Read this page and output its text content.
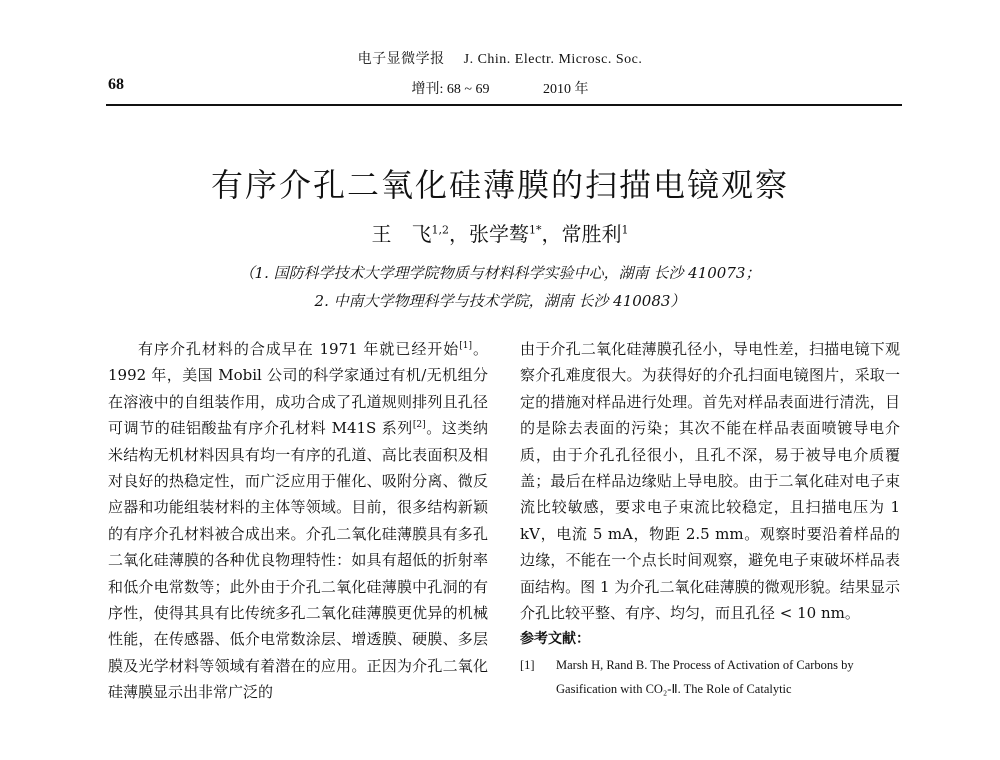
电子显微学报 J. Chin. Electr. Microsc. Soc.
68	增刊: 68 ~ 69	2010 年
有序介孔二氧化硅薄膜的扫描电镜观察
王　飞$^{1,2}$，张学骜$^{1*}$，常胜利$^1$
（1. 国防科学技术大学理学院物质与材料科学实验中心，湖南 长沙 410073；
2. 中南大学物理科学与技术学院，湖南 长沙 410083）

有序介孔材料的合成早在 1971 年就已经开始[1]。1992 年，美国 Mobil 公司的科学家通过有机/无机组分在溶液中的自组装作用，成功合成了孔道规则排列且孔径可调节的硅铝酸盐有序介孔材料 M41S 系列[2]。这类纳米结构无机材料因具有均一有序的孔道、高比表面积及相对良好的热稳定性，而广泛应用于催化、吸附分离、微反应器和功能组装材料的主体等领域。目前，很多结构新颖的有序介孔材料被合成出来。介孔二氧化硅薄膜具有多孔二氧化硅薄膜的各种优良物理特性：如具有超低的折射率和低介电常数等；此外由于介孔二氧化硅薄膜中孔洞的有序性，使得其具有比传统多孔二氧化硅薄膜更优异的机械性能，在传感器、低介电常数涂层、增透膜、硬膜、多层膜及光学材料等领域有着潜在的应用。正因为介孔二氧化硅薄膜显示出非常广泛的

由于介孔二氧化硅薄膜孔径小，导电性差，扫描电镜下观察介孔难度很大。为获得好的介孔扫面电镜图片，采取一定的措施对样品进行处理。首先对样品表面进行清洗，目的是除去表面的污染；其次不能在样品表面喷镀导电介质，由于介孔孔径很小，且孔不深，易于被导电介质覆盖；最后在样品边缘贴上导电胶。由于二氧化硅对电子束流比较敏感，要求电子束流比较稳定，且扫描电压为 1 kV，电流 5 mA，物距 2.5 mm。观察时要沿着样品的边缘，不能在一个点长时间观察，避免电子束破坏样品表面结构。图 1 为介孔二氧化硅薄膜的微观形貌。结果显示介孔比较平整、有序、均匀，而且孔径 < 10 nm。

参考文献：

[1] Marsh H, Rand B. The Process of Activation of Carbons by Gasification with CO₂-Ⅱ. The Role of Catalytic
